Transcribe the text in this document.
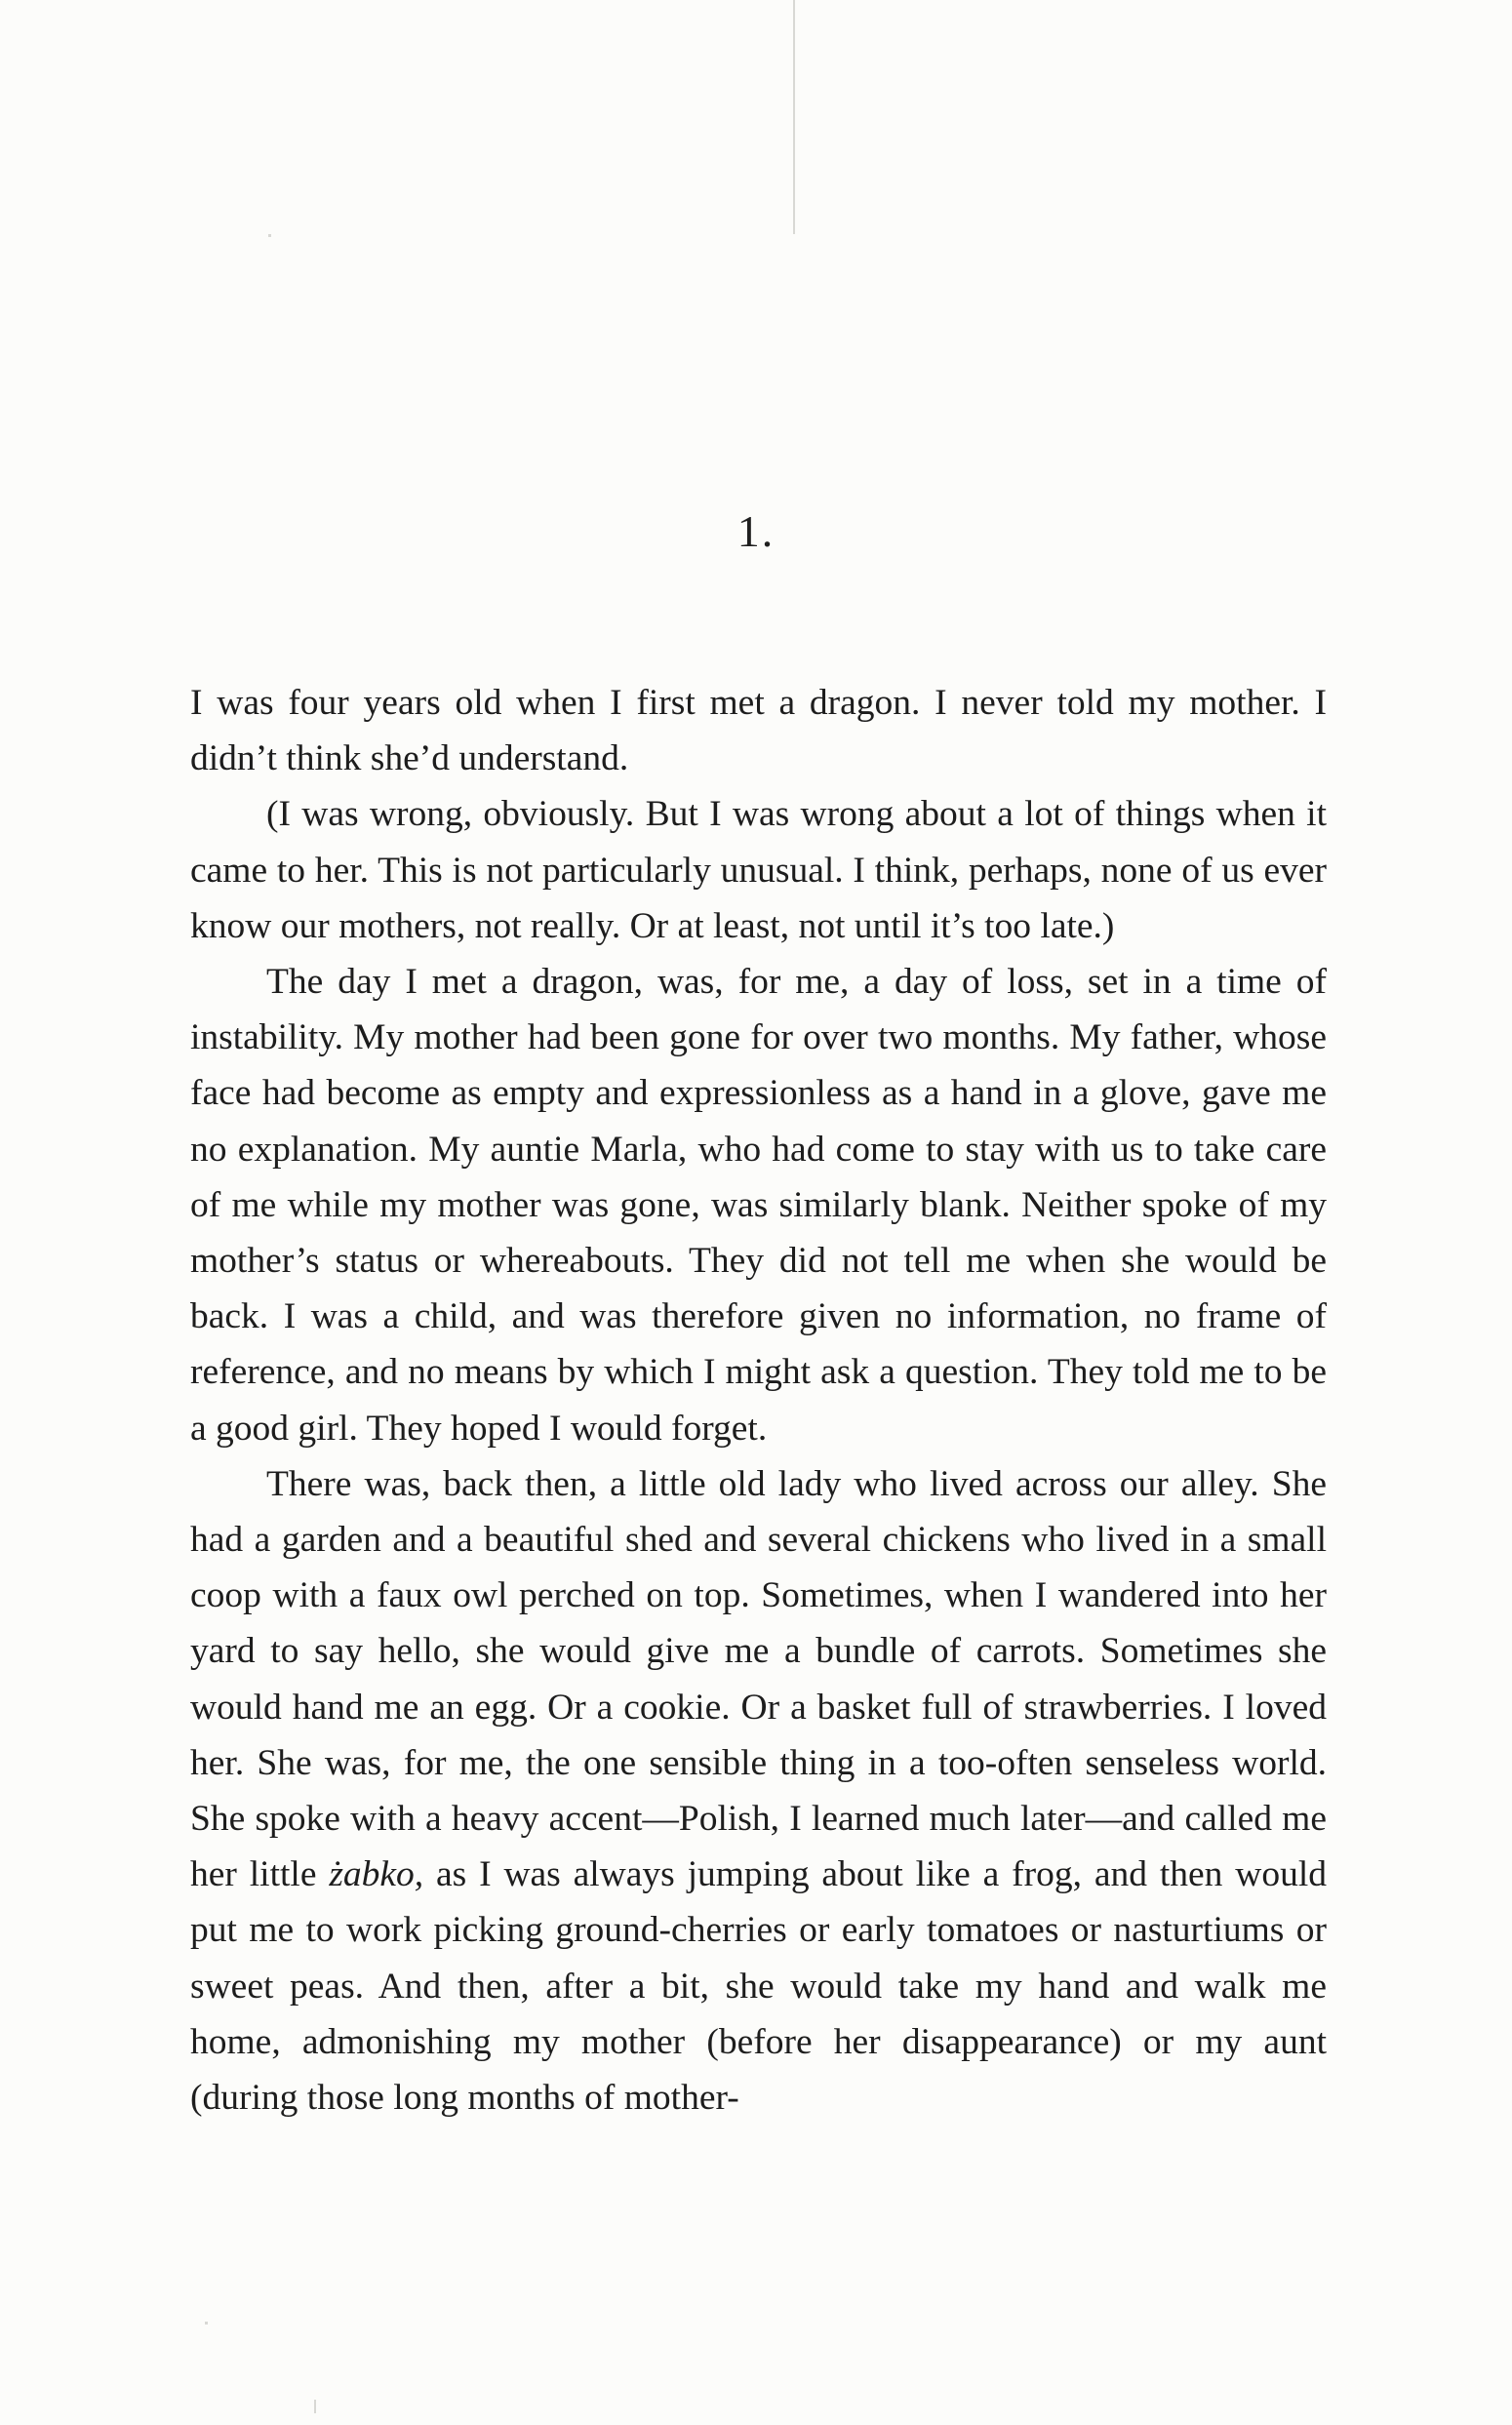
1.

I was four years old when I first met a dragon. I never told my mother. I didn’t think she’d understand.

(I was wrong, obviously. But I was wrong about a lot of things when it came to her. This is not particularly unusual. I think, perhaps, none of us ever know our mothers, not really. Or at least, not until it’s too late.)

The day I met a dragon, was, for me, a day of loss, set in a time of instability. My mother had been gone for over two months. My father, whose face had become as empty and expressionless as a hand in a glove, gave me no explanation. My auntie Marla, who had come to stay with us to take care of me while my mother was gone, was similarly blank. Neither spoke of my mother’s status or whereabouts. They did not tell me when she would be back. I was a child, and was therefore given no information, no frame of reference, and no means by which I might ask a question. They told me to be a good girl. They hoped I would forget.

There was, back then, a little old lady who lived across our alley. She had a garden and a beautiful shed and several chickens who lived in a small coop with a faux owl perched on top. Sometimes, when I wandered into her yard to say hello, she would give me a bundle of carrots. Sometimes she would hand me an egg. Or a cookie. Or a basket full of strawberries. I loved her. She was, for me, the one sensible thing in a too-often senseless world. She spoke with a heavy accent—Polish, I learned much later—and called me her little żabko, as I was always jumping about like a frog, and then would put me to work picking ground-cherries or early tomatoes or nasturtiums or sweet peas. And then, after a bit, she would take my hand and walk me home, admonishing my mother (before her disappearance) or my aunt (during those long months of mother-
